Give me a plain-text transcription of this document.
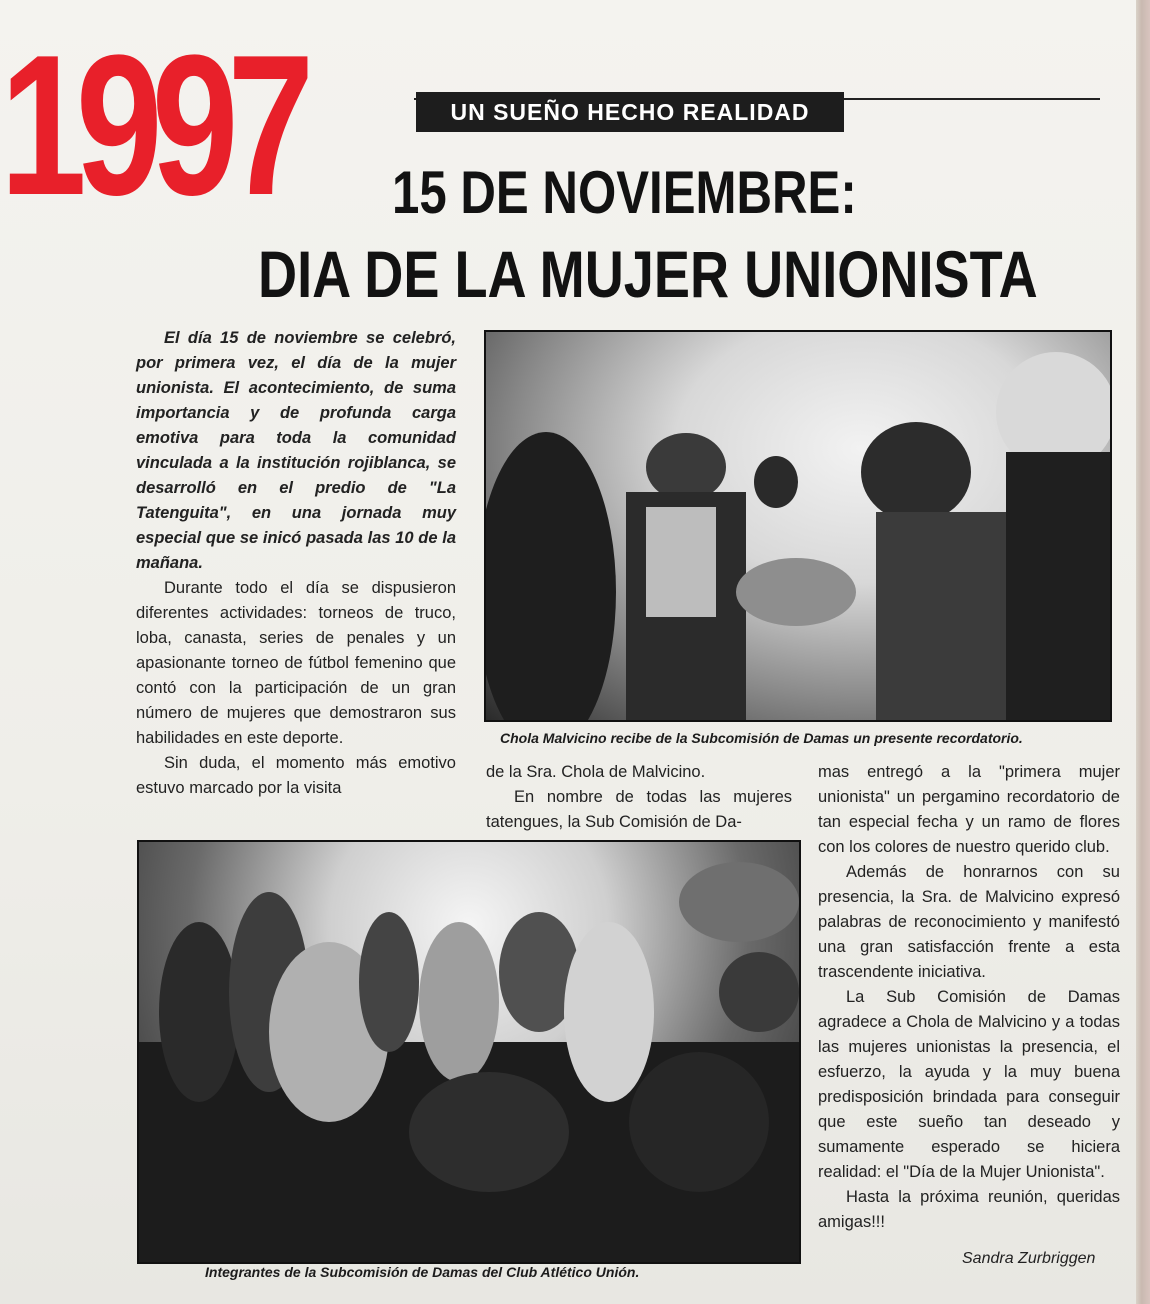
1997	UN SUEÑO HECHO REALIDAD
15 DE NOVIEMBRE:
DIA DE LA MUJER UNIONISTA

El día 15 de noviembre se celebró, por primera vez, el día de la mujer unionista. El acontecimiento, de suma importancia y de profunda carga emotiva para toda la comunidad vinculada a la institución rojiblanca, se desarrolló en el predio de "La Tatenguita", en una jornada muy especial que se inicó pasada las 10 de la mañana.

Durante todo el día se dispusieron diferentes actividades: torneos de truco, loba, canasta, series de penales y un apasionante torneo de fútbol femenino que contó con la participación de un gran número de mujeres que demostraron sus habilidades en este deporte.

Sin duda, el momento más emotivo estuvo marcado por la visita

Chola Malvicino recibe de la Subcomisión de Damas un presente recordatorio.

de la Sra. Chola de Malvicino.

En nombre de todas las mujeres tatengues, la Sub Comisión de Da-

mas entregó a la "primera mujer unionista" un pergamino recordatorio de tan especial fecha y un ramo de flores con los colores de nuestro querido club.

Además de honrarnos con su presencia, la Sra. de Malvicino expresó palabras de reconocimiento y manifestó una gran satisfacción frente a esta trascendente iniciativa.

La Sub Comisión de Damas agradece a Chola de Malvicino y a todas las mujeres unionistas la presencia, el esfuerzo, la ayuda y la muy buena predisposición brindada para conseguir que este sueño tan deseado y sumamente esperado se hiciera realidad: el "Día de la Mujer Unionista".

Hasta la próxima reunión, queridas amigas!!!

Integrantes de la Subcomisión de Damas del Club Atlético Unión.
Sandra Zurbriggen
